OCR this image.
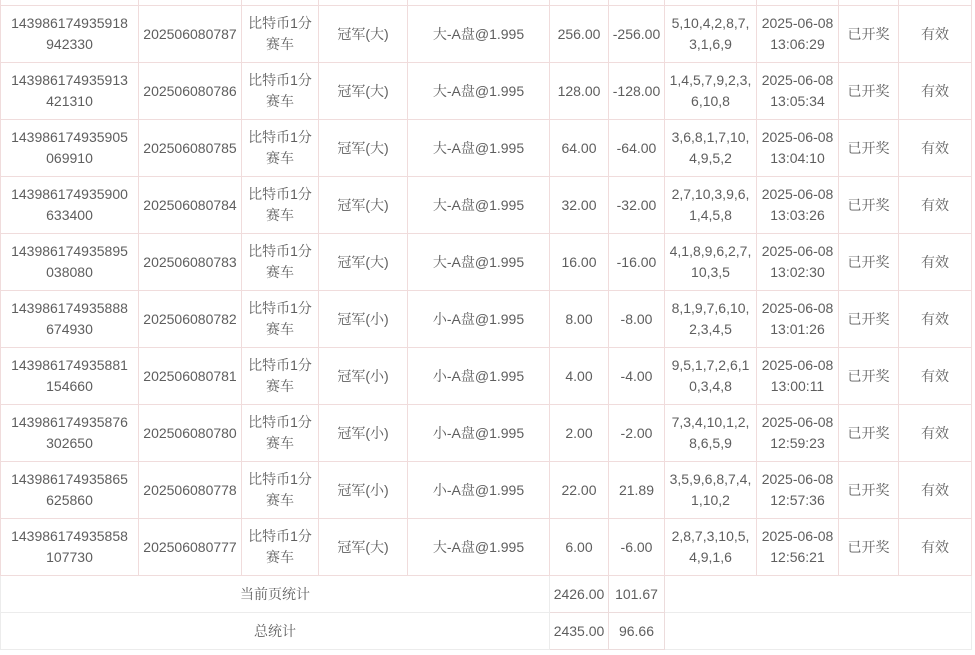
143986174935918942330	202506080787	比特币1分赛车	冠军(大)	大-A盘@1.995	256.00	-256.00	5,10,4,2,8,7,3,1,6,9	2025-06-08 13:06:29	已开奖	有效
143986174935913421310	202506080786	比特币1分赛车	冠军(大)	大-A盘@1.995	128.00	-128.00	1,4,5,7,9,2,3,6,10,8	2025-06-08 13:05:34	已开奖	有效
143986174935905069910	202506080785	比特币1分赛车	冠军(大)	大-A盘@1.995	64.00	-64.00	3,6,8,1,7,10,4,9,5,2	2025-06-08 13:04:10	已开奖	有效
143986174935900633400	202506080784	比特币1分赛车	冠军(大)	大-A盘@1.995	32.00	-32.00	2,7,10,3,9,6,1,4,5,8	2025-06-08 13:03:26	已开奖	有效
143986174935895038080	202506080783	比特币1分赛车	冠军(大)	大-A盘@1.995	16.00	-16.00	4,1,8,9,6,2,7,10,3,5	2025-06-08 13:02:30	已开奖	有效
143986174935888674930	202506080782	比特币1分赛车	冠军(小)	小-A盘@1.995	8.00	-8.00	8,1,9,7,6,10,2,3,4,5	2025-06-08 13:01:26	已开奖	有效
143986174935881154660	202506080781	比特币1分赛车	冠军(小)	小-A盘@1.995	4.00	-4.00	9,5,1,7,2,6,10,3,4,8	2025-06-08 13:00:11	已开奖	有效
143986174935876302650	202506080780	比特币1分赛车	冠军(小)	小-A盘@1.995	2.00	-2.00	7,3,4,10,1,2,8,6,5,9	2025-06-08 12:59:23	已开奖	有效
143986174935865625860	202506080778	比特币1分赛车	冠军(小)	小-A盘@1.995	22.00	21.89	3,5,9,6,8,7,4,1,10,2	2025-06-08 12:57:36	已开奖	有效
143986174935858107730	202506080777	比特币1分赛车	冠军(大)	大-A盘@1.995	6.00	-6.00	2,8,7,3,10,5,4,9,1,6	2025-06-08 12:56:21	已开奖	有效
当前页统计					2426.00	101.67				
总统计					2435.00	96.66				
